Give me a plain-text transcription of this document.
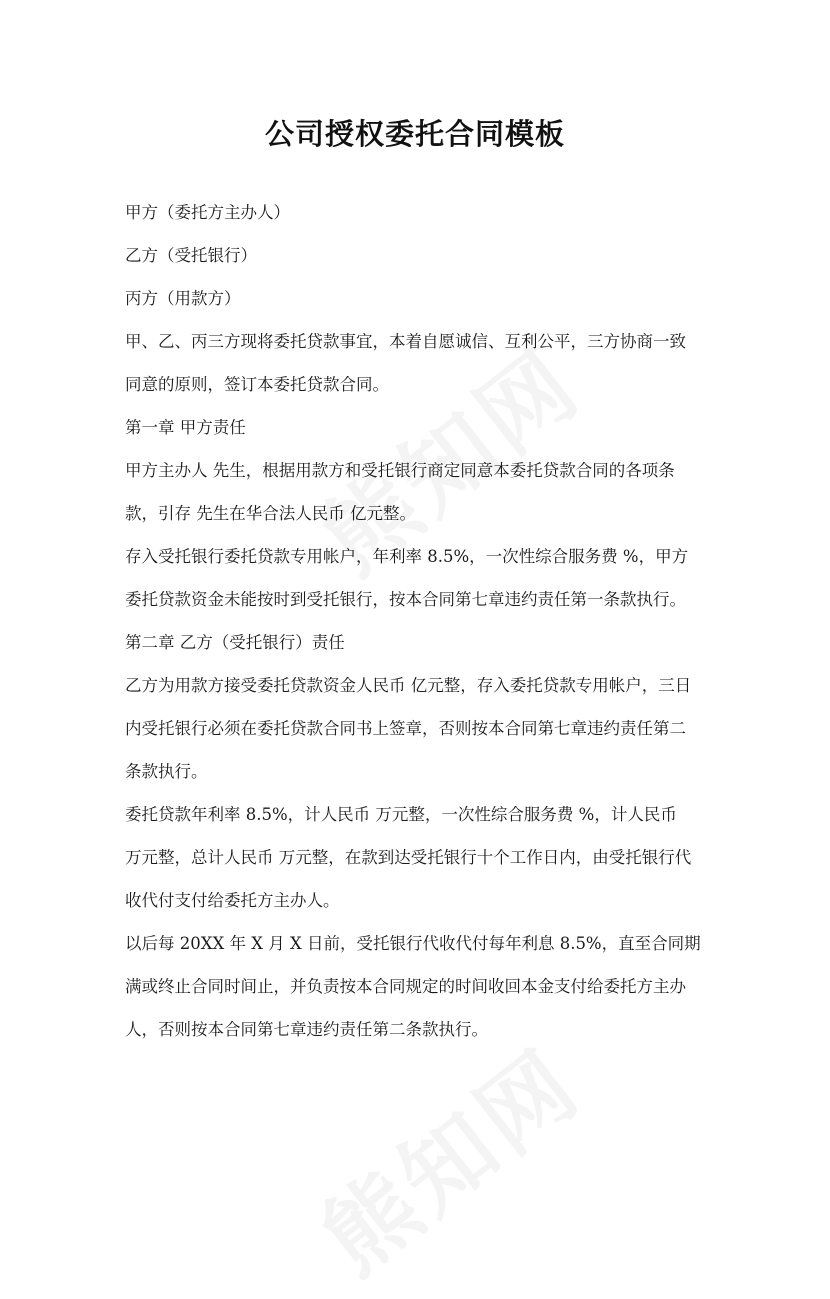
公司授权委托合同模板

甲方（委托方主办人）

乙方（受托银行）

丙方（用款方）

甲、乙、丙三方现将委托贷款事宜，本着自愿诚信、互利公平，三方协商一致

同意的原则，签订本委托贷款合同。

第一章 甲方责任

甲方主办人 先生，根据用款方和受托银行商定同意本委托贷款合同的各项条

款，引存 先生在华合法人民币 亿元整。

存入受托银行委托贷款专用帐户，年利率 8.5%，一次性综合服务费 %，甲方

委托贷款资金未能按时到受托银行，按本合同第七章违约责任第一条款执行。

第二章 乙方（受托银行）责任

乙方为用款方接受委托贷款资金人民币 亿元整，存入委托贷款专用帐户，三日

内受托银行必须在委托贷款合同书上签章，否则按本合同第七章违约责任第二

条款执行。

委托贷款年利率 8.5%，计人民币 万元整，一次性综合服务费 %，计人民币

万元整，总计人民币 万元整，在款到达受托银行十个工作日内，由受托银行代

收代付支付给委托方主办人。

以后每 20XX 年 X 月 X 日前，受托银行代收代付每年利息 8.5%，直至合同期

满或终止合同时间止，并负责按本合同规定的时间收回本金支付给委托方主办

人，否则按本合同第七章违约责任第二条款执行。
